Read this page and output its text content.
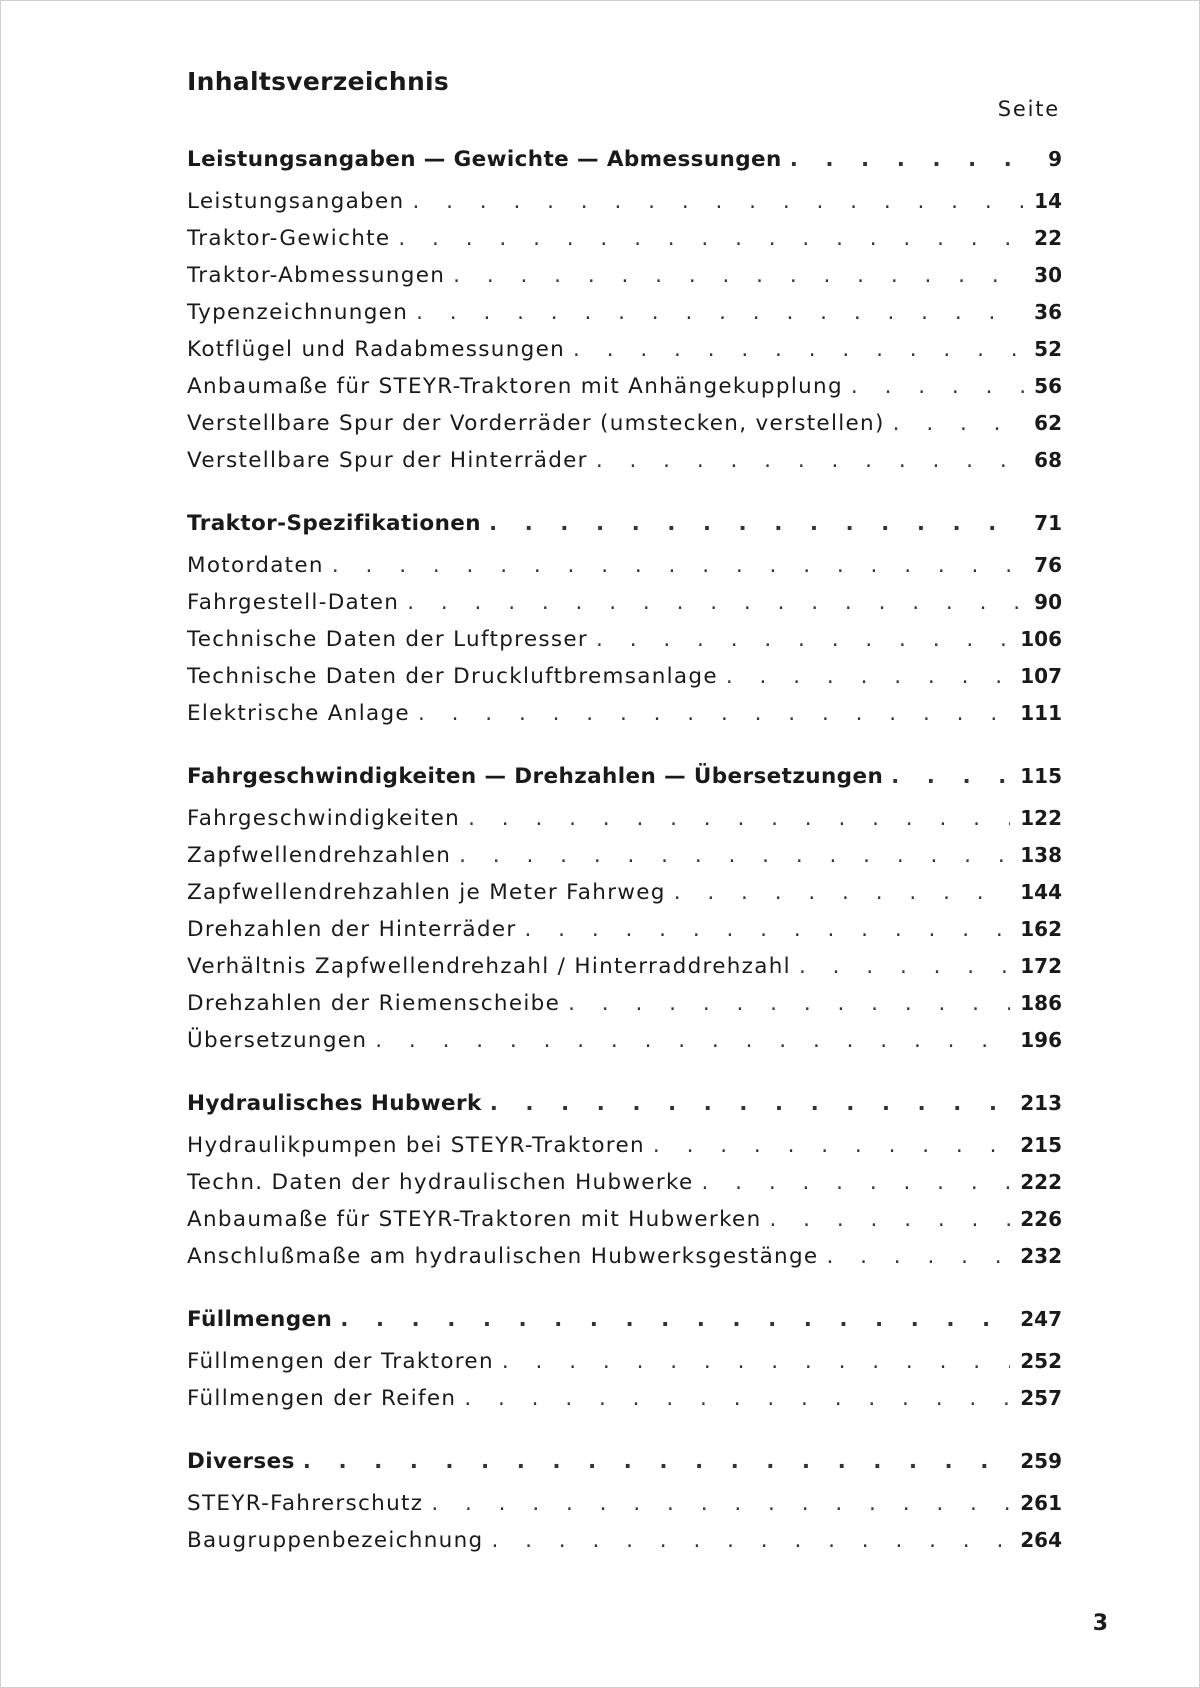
Inhaltsverzeichnis
Seite
Leistungsangaben — Gewichte — Abmessungen . . .	9
Leistungsangaben . . .	14
Traktor-Gewichte . . .	22
Traktor-Abmessungen . . .	30
Typenzeichnungen . . .	36
Kotflügel und Radabmessungen . . .	52
Anbaumaße für STEYR-Traktoren mit Anhängekupplung . . .	56
Verstellbare Spur der Vorderräder (umstecken, verstellen) . . .	62
Verstellbare Spur der Hinterräder . . .	68
Traktor-Spezifikationen . . .	71
Motordaten . . .	76
Fahrgestell-Daten . . .	90
Technische Daten der Luftpresser . . .	106
Technische Daten der Druckluftbremsanlage . . .	107
Elektrische Anlage . . .	111
Fahrgeschwindigkeiten — Drehzahlen — Übersetzungen . . .	115
Fahrgeschwindigkeiten . . .	122
Zapfwellendrehzahlen . . .	138
Zapfwellendrehzahlen je Meter Fahrweg . . .	144
Drehzahlen der Hinterräder . . .	162
Verhältnis Zapfwellendrehzahl / Hinterraddrehzahl . . .	172
Drehzahlen der Riemenscheibe . . .	186
Übersetzungen . . .	196
Hydraulisches Hubwerk . . .	213
Hydraulikpumpen bei STEYR-Traktoren . . .	215
Techn. Daten der hydraulischen Hubwerke . . .	222
Anbaumaße für STEYR-Traktoren mit Hubwerken . . .	226
Anschlußmaße am hydraulischen Hubwerksgestänge . . .	232
Füllmengen . . .	247
Füllmengen der Traktoren . . .	252
Füllmengen der Reifen . . .	257
Diverses . . .	259
STEYR-Fahrerschutz . . .	261
Baugruppenbezeichnung . . .	264
3
